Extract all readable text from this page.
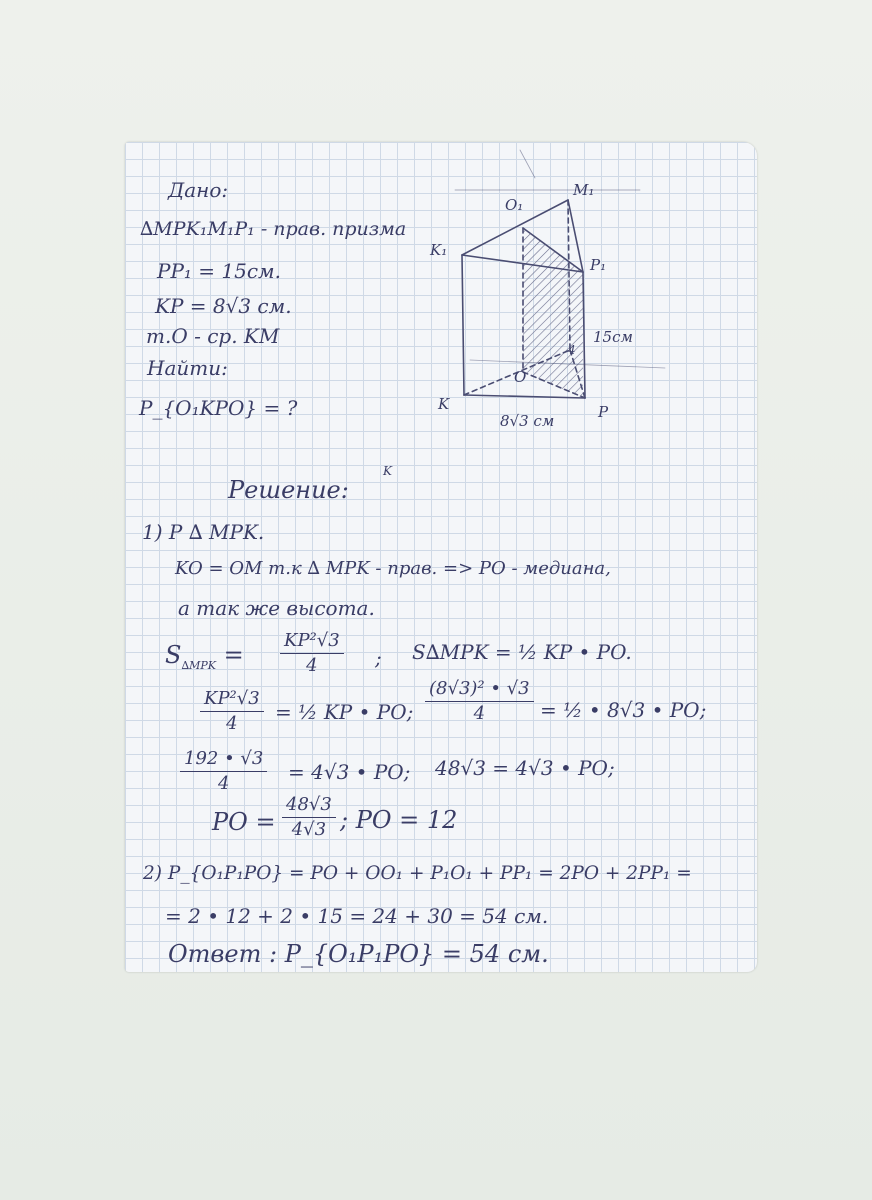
O₁
M₁
K₁
P₁
O
K	P
15см
8√3 см
4
K
Дано:
∆MPK₁M₁P₁ - прав. призма
PP₁ = 15см.
KP = 8√3 см.
т.О - ср. KM
Найти:
P_{O₁KPO} = ?
Решение:
1) Р ∆ MPK.
KO = OM т.к ∆ MPK - прав. => PO - медиана,
а так же высота.
$S_{\Delta MPK} = \frac{\text{KP²√3}}{4}$ ; S∆MPK = ½ KP • PO.
$\frac{\text{KP²√3}}{4}$ = ½ KP • PO; $\frac{\text{(8√3)² • √3}}{4}$ = ½ • 8√3 • PO;
$\frac{192 • √3}{4} = 4√3$ • PO; 48√3 = 4√3 • PO;
PO = $\frac{48√3}{4√3}$ ; PO = 12
2) P_{O₁P₁PO} = PO + OO₁ + P₁O₁ + PP₁ = 2PO + 2PP₁ =
= 2 • 12 + 2 • 15 = 24 + 30 = 54 см.
Ответ : P_{O₁P₁PO} = 54 см.
